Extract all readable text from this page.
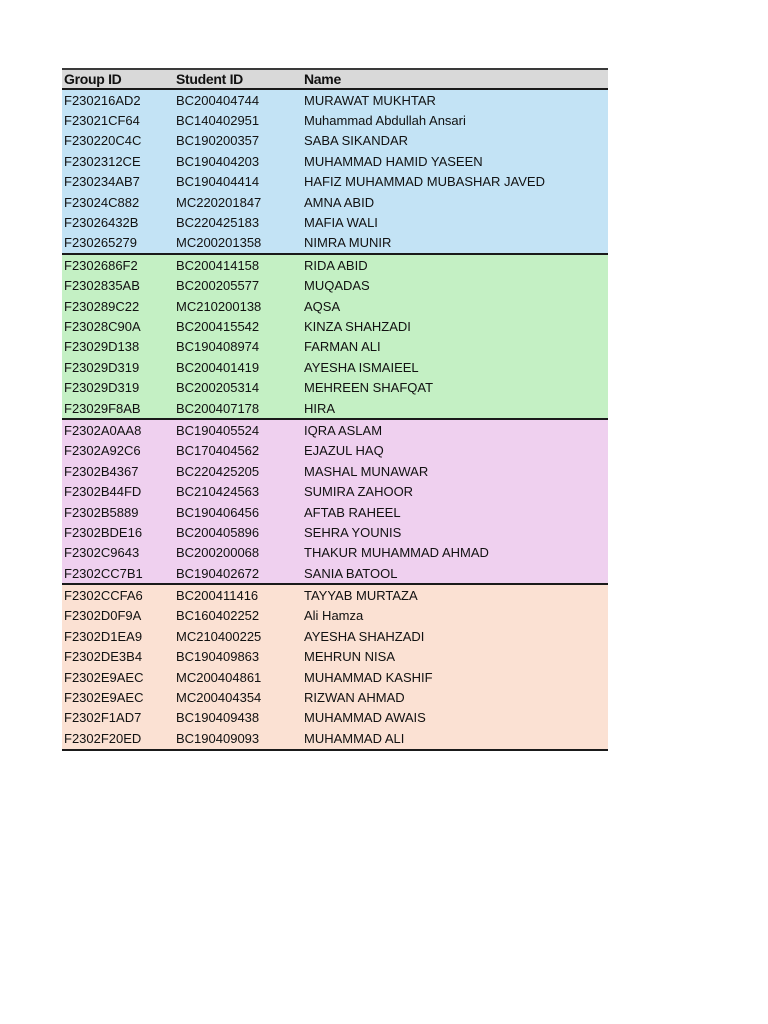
Group ID	Student ID	Name
F230216AD2	BC200404744	MURAWAT MUKHTAR
F23021CF64	BC140402951	Muhammad Abdullah Ansari
F230220C4C	BC190200357	SABA SIKANDAR
F2302312CE	BC190404203	MUHAMMAD HAMID YASEEN
F230234AB7	BC190404414	HAFIZ MUHAMMAD MUBASHAR JAVED
F23024C882	MC220201847	AMNA ABID
F23026432B	BC220425183	MAFIA WALI
F230265279	MC200201358	NIMRA MUNIR
F2302686F2	BC200414158	RIDA ABID
F2302835AB	BC200205577	MUQADAS
F230289C22	MC210200138	AQSA
F23028C90A	BC200415542	KINZA SHAHZADI
F23029D138	BC190408974	FARMAN ALI
F23029D319	BC200401419	AYESHA ISMAIEEL
F23029D319	BC200205314	MEHREEN SHAFQAT
F23029F8AB	BC200407178	HIRA
F2302A0AA8	BC190405524	IQRA ASLAM
F2302A92C6	BC170404562	EJAZUL HAQ
F2302B4367	BC220425205	MASHAL MUNAWAR
F2302B44FD	BC210424563	SUMIRA ZAHOOR
F2302B5889	BC190406456	AFTAB RAHEEL
F2302BDE16	BC200405896	SEHRA YOUNIS
F2302C9643	BC200200068	THAKUR MUHAMMAD AHMAD
F2302CC7B1	BC190402672	SANIA BATOOL
F2302CCFA6	BC200411416	TAYYAB MURTAZA
F2302D0F9A	BC160402252	Ali Hamza
F2302D1EA9	MC210400225	AYESHA SHAHZADI
F2302DE3B4	BC190409863	MEHRUN NISA
F2302E9AEC	MC200404861	MUHAMMAD KASHIF
F2302E9AEC	MC200404354	RIZWAN AHMAD
F2302F1AD7	BC190409438	MUHAMMAD AWAIS
F2302F20ED	BC190409093	MUHAMMAD ALI
